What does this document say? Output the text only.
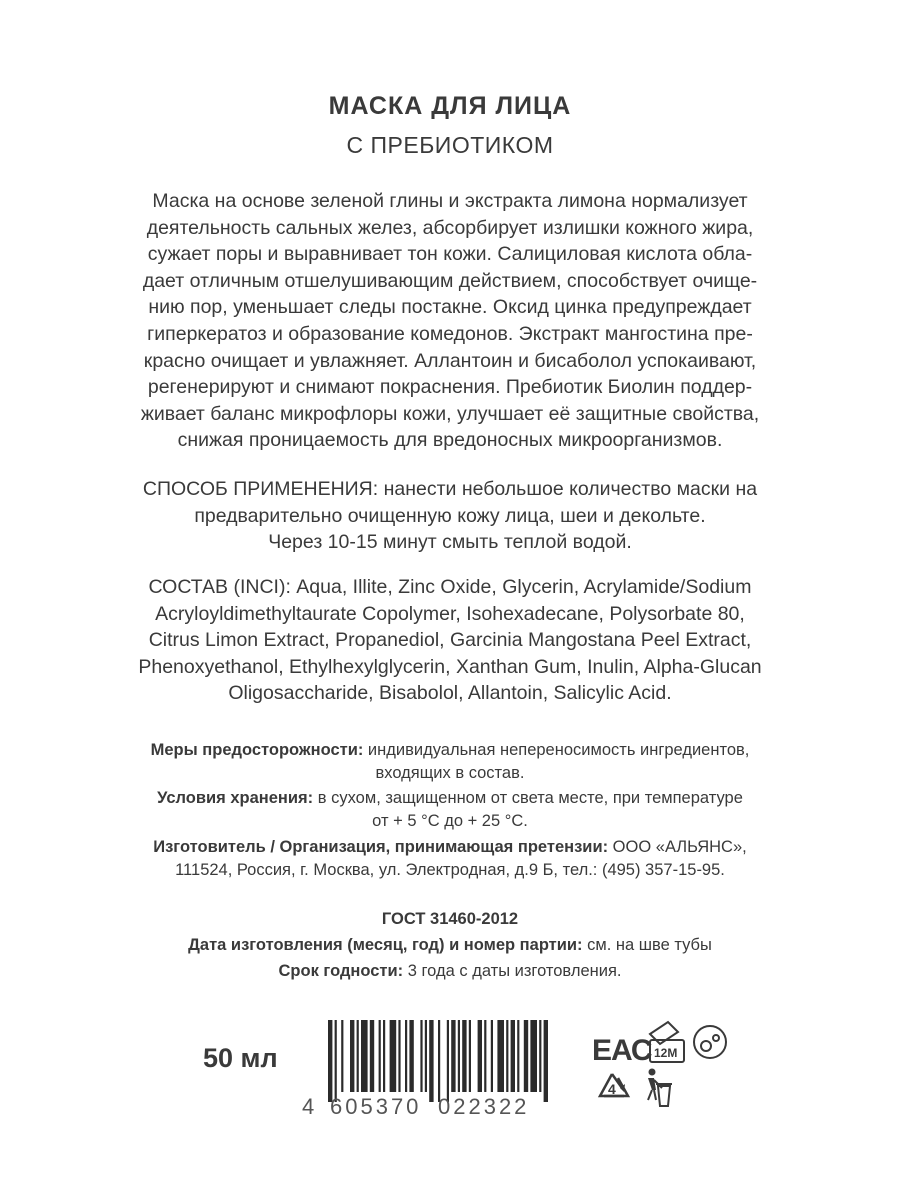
МАСКА ДЛЯ ЛИЦА
С ПРЕБИОТИКОМ
Маска на основе зеленой глины и экстракта лимона нормализует
деятельность сальных желез, абсорбирует излишки кожного жира,
сужает поры и выравнивает тон кожи. Салициловая кислота обла-
дает отличным отшелушивающим действием, способствует очище-
нию пор, уменьшает следы постакне. Оксид цинка предупреждает
гиперкератоз и образование комедонов. Экстракт мангостина пре-
красно очищает и увлажняет. Аллантоин и бисаболол успокаивают,
регенерируют и снимают покраснения. Пребиотик Биолин поддер-
живает баланс микрофлоры кожи, улучшает её защитные свойства,
снижая проницаемость для вредоносных микроорганизмов.
СПОСОБ ПРИМЕНЕНИЯ: нанести небольшое количество маски на
предварительно очищенную кожу лица, шеи и декольте.
Через 10-15 минут смыть теплой водой.
СОСТАВ (INCI): Aqua, Illite, Zinc Oxide, Glycerin, Acrylamide/Sodium
Acryloyldimethyltaurate Copolymer, Isohexadecane, Polysorbate 80,
Citrus Limon Extract, Propanediol, Garcinia Mangostana Peel Extract,
Phenoxyethanol, Ethylhexylglycerin, Xanthan Gum, Inulin, Alpha-Glucan
Oligosaccharide, Bisabolol, Allantoin, Salicylic Acid.
Меры предосторожности: индивидуальная непереносимость ингредиентов,
входящих в состав.
Условия хранения: в сухом, защищенном от света месте, при температуре
от + 5 °С до + 25 °С.
Изготовитель / Организация, принимающая претензии: ООО «АЛЬЯНС»,
111524, Россия, г. Москва, ул. Электродная, д.9 Б, тел.: (495) 357-15-95.
ГОСТ 31460-2012
Дата изготовления (месяц, год) и номер партии: см. на шве тубы
Срок годности: 3 года с даты изготовления.
50 мл
4 605370 022322
ЕАС 12M
4
